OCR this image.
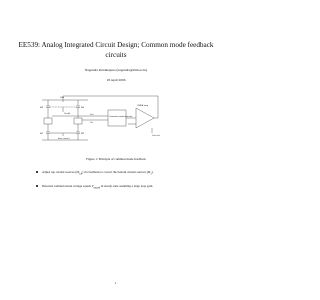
EE539: Analog Integrated Circuit Design; Common mode feedback circuits
Nagendra Krishnapura (nagendra@iitm.ac.in)
18 April 2006
Vdd
M3	M4
Vcmfb
M1	M2
bias current
Vo+
Vo-
Common mode detector
CMFB amp
Vcm,ref
Figure 1: Principle of common mode feedback
Adjust top current sources $(M_{3,4})$ via feedback to correct the bottom current sources $(M_1)$.
Detected common mode voltage equals $V_{cm,ref}$ in steady state assuming a large loop gain.
1
